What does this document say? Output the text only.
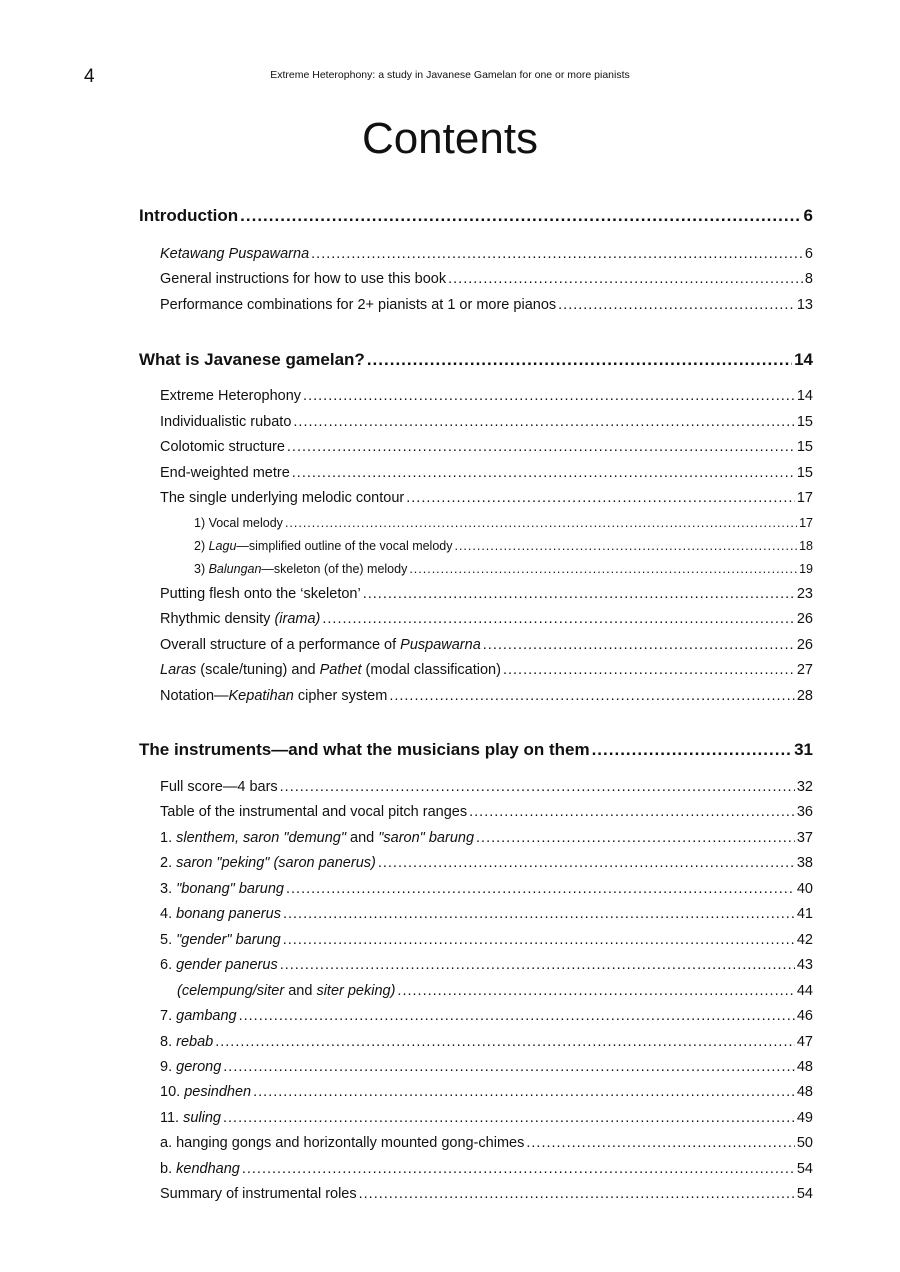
4	Extreme Heterophony: a study in Javanese Gamelan for one or more pianists
Contents
Introduction .....	6
Ketawang Puspawarna .....	6
General instructions for how to use this book .....	8
Performance combinations for 2+ pianists at 1 or more pianos .....	13
What is Javanese gamelan? .....	14
Extreme Heterophony .....	14
Individualistic rubato .....	15
Colotomic structure .....	15
End-weighted metre .....	15
The single underlying melodic contour .....	17
1) Vocal melody .....	17
2) Lagu—simplified outline of the vocal melody .....	18
3) Balungan—skeleton (of the) melody .....	19
Putting flesh onto the ‘skeleton’ .....	23
Rhythmic density (irama) .....	26
Overall structure of a performance of Puspawarna .....	26
Laras (scale/tuning) and Pathet (modal classification) .....	27
Notation—Kepatihan cipher system .....	28
The instruments—and what the musicians play on them .....	31
Full score—4 bars .....	32
Table of the instrumental and vocal pitch ranges .....	36
1. slenthem, saron "demung" and "saron" barung .....	37
2. saron "peking" (saron panerus) .....	38
3. "bonang" barung .....	40
4. bonang panerus .....	41
5. "gender" barung .....	42
6. gender panerus .....	43
(celempung/siter and siter peking) .....	44
7. gambang .....	46
8. rebab .....	47
9. gerong .....	48
10. pesindhen .....	48
11. suling .....	49
a. hanging gongs and horizontally mounted gong-chimes .....	50
b. kendhang .....	54
Summary of instrumental roles .....	54
